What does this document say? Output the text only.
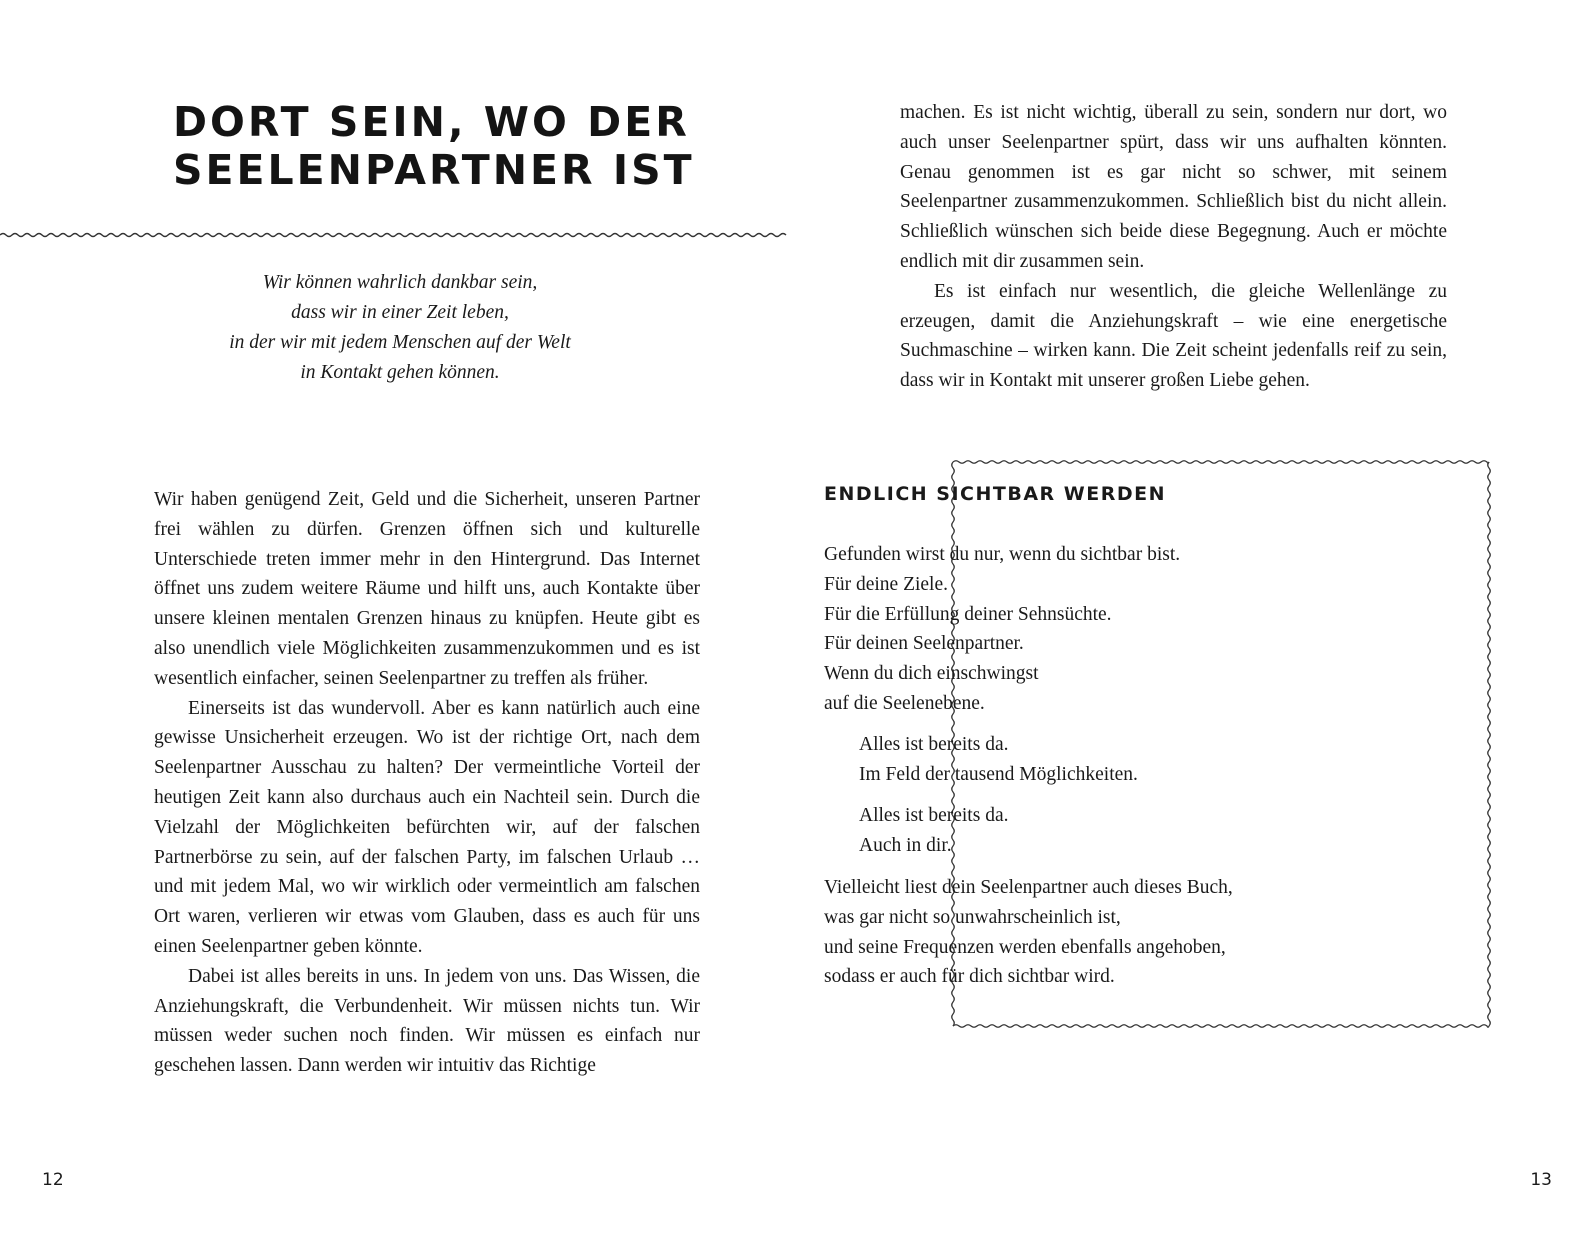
DORT SEIN, WO DER
SEELENPARTNER IST

Wir können wahrlich dankbar sein,
dass wir in einer Zeit leben,
in der wir mit jedem Menschen auf der Welt
in Kontakt gehen können.

Wir haben genügend Zeit, Geld und die Sicherheit, unseren Partner frei wählen zu dürfen. Grenzen öffnen sich und kulturelle Unterschiede treten immer mehr in den Hintergrund. Das Internet öffnet uns zudem weitere Räume und hilft uns, auch Kontakte über unsere kleinen mentalen Grenzen hinaus zu knüpfen. Heute gibt es also unendlich viele Möglichkeiten zusammenzukommen und es ist wesentlich einfacher, seinen Seelenpartner zu treffen als früher.

Einerseits ist das wundervoll. Aber es kann natürlich auch eine gewisse Unsicherheit erzeugen. Wo ist der richtige Ort, nach dem Seelenpartner Ausschau zu halten? Der vermeintliche Vorteil der heutigen Zeit kann also durchaus auch ein Nachteil sein. Durch die Vielzahl der Möglichkeiten befürchten wir, auf der falschen Partnerbörse zu sein, auf der falschen Party, im falschen Urlaub … und mit jedem Mal, wo wir wirklich oder vermeintlich am falschen Ort waren, verlieren wir etwas vom Glauben, dass es auch für uns einen Seelenpartner geben könnte.

Dabei ist alles bereits in uns. In jedem von uns. Das Wissen, die Anziehungskraft, die Verbundenheit. Wir müssen nichts tun. Wir müssen weder suchen noch finden. Wir müssen es einfach nur geschehen lassen. Dann werden wir intuitiv das Richtige

12

machen. Es ist nicht wichtig, überall zu sein, sondern nur dort, wo auch unser Seelenpartner spürt, dass wir uns aufhalten könnten. Genau genommen ist es gar nicht so schwer, mit seinem Seelenpartner zusammenzukommen. Schließlich bist du nicht allein. Schließlich wünschen sich beide diese Begegnung. Auch er möchte endlich mit dir zusammen sein.

Es ist einfach nur wesentlich, die gleiche Wellenlänge zu erzeugen, damit die Anziehungskraft – wie eine energetische Suchmaschine – wirken kann. Die Zeit scheint jedenfalls reif zu sein, dass wir in Kontakt mit unserer großen Liebe gehen.

ENDLICH SICHTBAR WERDEN

Gefunden wirst du nur, wenn du sichtbar bist.
Für deine Ziele.
Für die Erfüllung deiner Sehnsüchte.
Für deinen Seelenpartner.
Wenn du dich einschwingst
auf die Seelenebene.

Alles ist bereits da.
Im Feld der tausend Möglichkeiten.

Alles ist bereits da.
Auch in dir.

Vielleicht liest dein Seelenpartner auch dieses Buch,
was gar nicht so unwahrscheinlich ist,
und seine Frequenzen werden ebenfalls angehoben,
sodass er auch für dich sichtbar wird.

13
